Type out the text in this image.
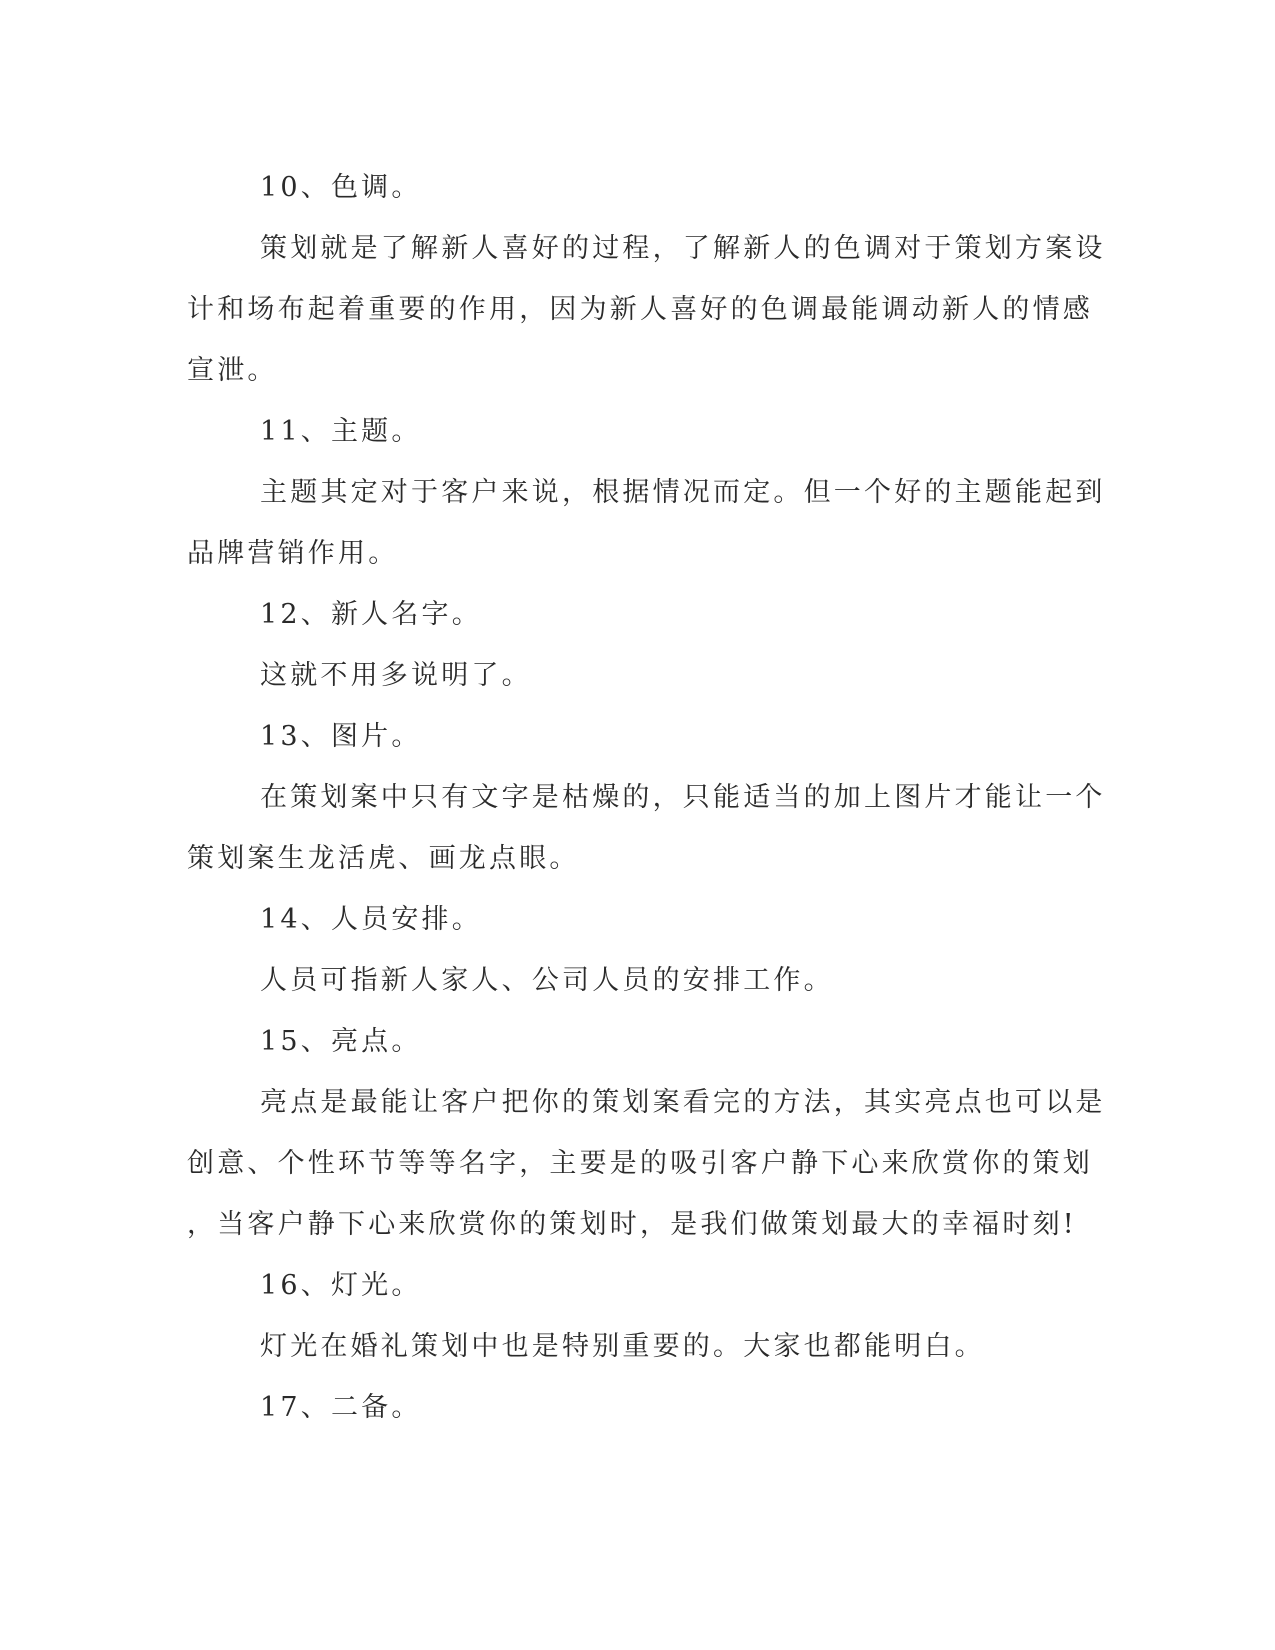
10、色调。

策划就是了解新人喜好的过程，了解新人的色调对于策划方案设

计和场布起着重要的作用，因为新人喜好的色调最能调动新人的情感

宣泄。

11、主题。

主题其定对于客户来说，根据情况而定。但一个好的主题能起到

品牌营销作用。

12、新人名字。

这就不用多说明了。

13、图片。

在策划案中只有文字是枯燥的，只能适当的加上图片才能让一个

策划案生龙活虎、画龙点眼。

14、人员安排。

人员可指新人家人、公司人员的安排工作。

15、亮点。

亮点是最能让客户把你的策划案看完的方法，其实亮点也可以是

创意、个性环节等等名字，主要是的吸引客户静下心来欣赏你的策划

，当客户静下心来欣赏你的策划时，是我们做策划最大的幸福时刻!

16、灯光。

灯光在婚礼策划中也是特别重要的。大家也都能明白。

17、二备。
